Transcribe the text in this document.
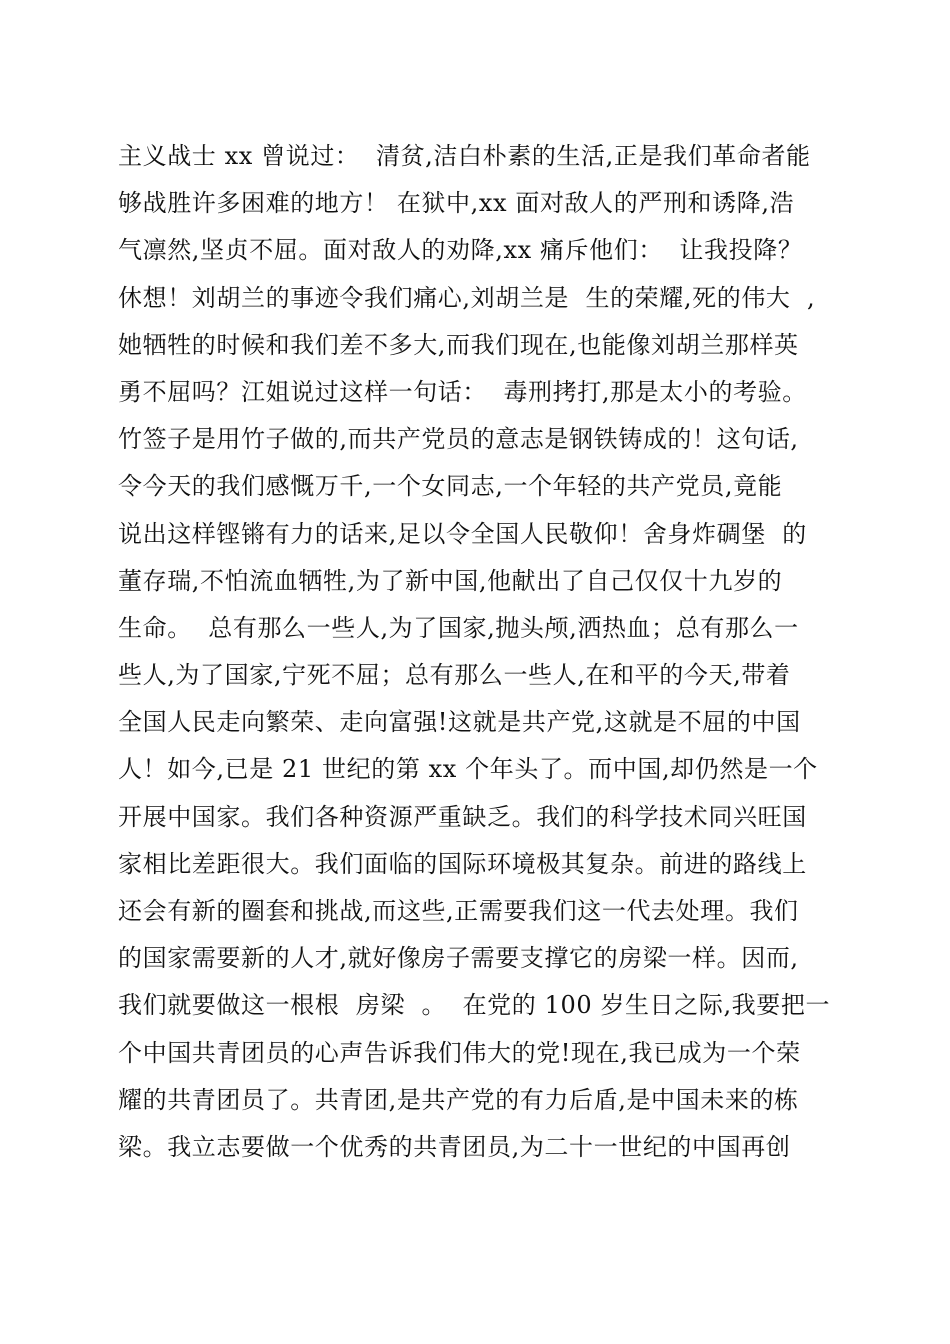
主义战士 xx 曾说过：  清贫,洁白朴素的生活,正是我们革命者能
够战胜许多困难的地方！ 在狱中,xx 面对敌人的严刑和诱降,浩
气凛然,坚贞不屈。面对敌人的劝降,xx 痛斥他们：  让我投降？
休想！刘胡兰的事迹令我们痛心,刘胡兰是  生的荣耀,死的伟大  ,
她牺牲的时候和我们差不多大,而我们现在,也能像刘胡兰那样英
勇不屈吗？江姐说过这样一句话：  毒刑拷打,那是太小的考验。
竹签子是用竹子做的,而共产党员的意志是钢铁铸成的！这句话,
令今天的我们感慨万千,一个女同志,一个年轻的共产党员,竟能
说出这样铿锵有力的话来,足以令全国人民敬仰！舍身炸碉堡  的
董存瑞,不怕流血牺牲,为了新中国,他献出了自己仅仅十九岁的
生命。  总有那么一些人,为了国家,抛头颅,洒热血；总有那么一
些人,为了国家,宁死不屈；总有那么一些人,在和平的今天,带着
全国人民走向繁荣、走向富强!这就是共产党,这就是不屈的中国
人！如今,已是 21 世纪的第 xx 个年头了。而中国,却仍然是一个
开展中国家。我们各种资源严重缺乏。我们的科学技术同兴旺国
家相比差距很大。我们面临的国际环境极其复杂。前进的路线上
还会有新的圈套和挑战,而这些,正需要我们这一代去处理。我们
的国家需要新的人才,就好像房子需要支撑它的房梁一样。因而,
我们就要做这一根根  房梁  。  在党的 100 岁生日之际,我要把一
个中国共青团员的心声告诉我们伟大的党!现在,我已成为一个荣
耀的共青团员了。共青团,是共产党的有力后盾,是中国未来的栋
梁。我立志要做一个优秀的共青团员,为二十一世纪的中国再创
